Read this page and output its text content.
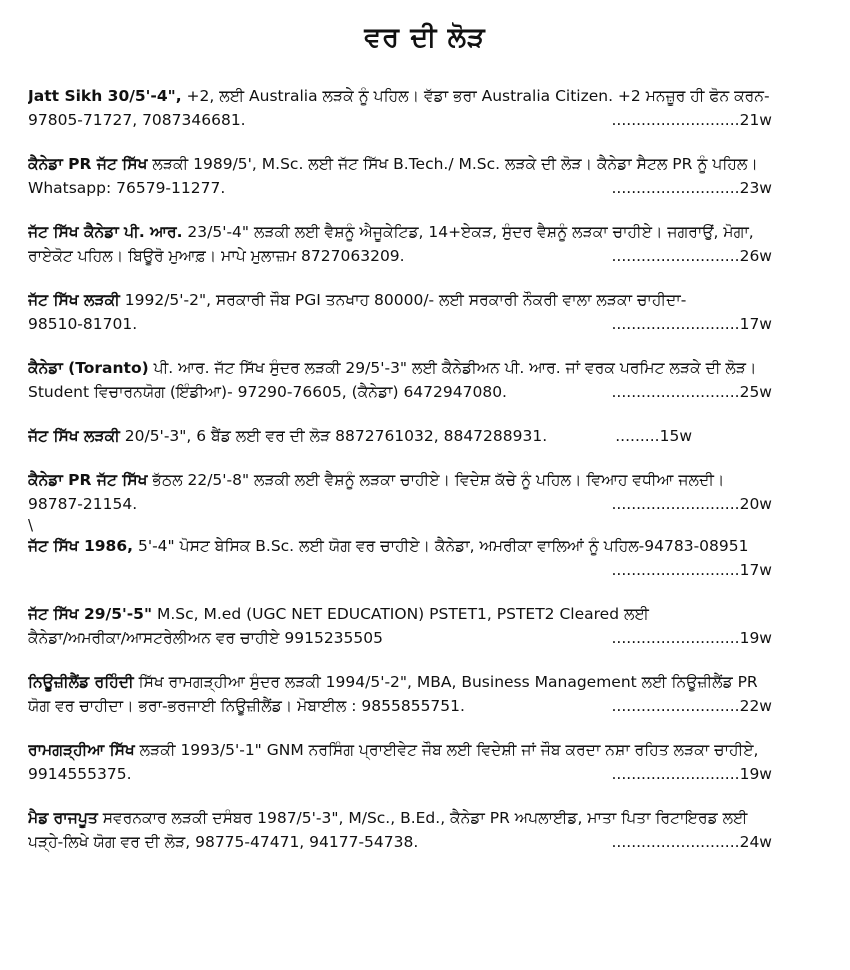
ਵਰ ਦੀ ਲੋੜ
Jatt Sikh 30/5'-4", +2, ਲਈ Australia ਲੜਕੇ ਨੂੰ ਪਹਿਲ। ਵੱਡਾ ਭਰਾ Australia Citizen. +2 ਮਨਜ਼ੂਰ ਹੀ ਫੋਨ ਕਰਨ-
97805-71727, 7087346681.	..........................21w
ਕੈਨੇਡਾ PR ਜੱਟ ਸਿੱਖ ਲੜਕੀ 1989/5', M.Sc. ਲਈ ਜੱਟ ਸਿੱਖ B.Tech./ M.Sc. ਲੜਕੇ ਦੀ ਲੋੜ। ਕੈਨੇਡਾ ਸੈਟਲ PR ਨੂੰ ਪਹਿਲ।
Whatsapp: 76579-11277.	..........................23w
ਜੱਟ ਸਿੱਖ ਕੈਨੇਡਾ ਪੀ. ਆਰ. 23/5'-4" ਲੜਕੀ ਲਈ ਵੈਸ਼ਨੂੰ ਐਜੂਕੇਟਿਡ, 14+ਏਕੜ, ਸੁੰਦਰ ਵੈਸ਼ਨੂੰ ਲੜਕਾ ਚਾਹੀਏ। ਜਗਰਾਉਂ, ਮੋਗਾ,
ਰਾਏਕੋਟ ਪਹਿਲ। ਬਿਊਰੋ ਮੁਆਫ਼। ਮਾਪੇ ਮੁਲਾਜ਼ਮ 8727063209.	..........................26w
ਜੱਟ ਸਿੱਖ ਲੜਕੀ 1992/5'-2", ਸਰਕਾਰੀ ਜੌਬ PGI ਤਨਖਾਹ 80000/- ਲਈ ਸਰਕਾਰੀ ਨੌਕਰੀ ਵਾਲਾ ਲੜਕਾ ਚਾਹੀਦਾ-
98510-81701.	..........................17w
ਕੈਨੇਡਾ (Toranto) ਪੀ. ਆਰ. ਜੱਟ ਸਿੱਖ ਸੁੰਦਰ ਲੜਕੀ 29/5'-3" ਲਈ ਕੈਨੇਡੀਅਨ ਪੀ. ਆਰ. ਜਾਂ ਵਰਕ ਪਰਮਿਟ ਲੜਕੇ ਦੀ ਲੋੜ।
Student ਵਿਚਾਰਨਯੋਗ (ਇੰਡੀਆ)- 97290-76605, (ਕੈਨੇਡਾ) 6472947080.	..........................25w
ਜੱਟ ਸਿੱਖ ਲੜਕੀ 20/5'-3", 6 ਬੈਂਡ ਲਈ ਵਰ ਦੀ ਲੋੜ 8872761032, 8847288931.	.........15w
ਕੈਨੇਡਾ PR ਜੱਟ ਸਿੱਖ ਭੱਠਲ 22/5'-8" ਲੜਕੀ ਲਈ ਵੈਸ਼ਨੂੰ ਲੜਕਾ ਚਾਹੀਏ। ਵਿਦੇਸ਼ ਕੱਚੇ ਨੂੰ ਪਹਿਲ। ਵਿਆਹ ਵਧੀਆ ਜਲਦੀ।
98787-21154.	..........................20w
\
ਜੱਟ ਸਿੱਖ 1986, 5'-4" ਪੋਸਟ ਬੇਸਿਕ B.Sc. ਲਈ ਯੋਗ ਵਰ ਚਾਹੀਏ। ਕੈਨੇਡਾ, ਅਮਰੀਕਾ ਵਾਲਿਆਂ ਨੂੰ ਪਹਿਲ-94783-08951
..........................17w
ਜੱਟ ਸਿੱਖ 29/5'-5" M.Sc, M.ed (UGC NET EDUCATION) PSTET1, PSTET2 Cleared ਲਈ
ਕੈਨੇਡਾ/ਅਮਰੀਕਾ/ਆਸਟਰੇਲੀਅਨ ਵਰ ਚਾਹੀਏ 9915235505	..........................19w
ਨਿਊਜ਼ੀਲੈਂਡ ਰਹਿੰਦੀ ਸਿੱਖ ਰਾਮਗੜ੍ਹੀਆ ਸੁੰਦਰ ਲੜਕੀ 1994/5'-2", MBA, Business Management ਲਈ ਨਿਊਜ਼ੀਲੈਂਡ PR
ਯੋਗ ਵਰ ਚਾਹੀਦਾ। ਭਰਾ-ਭਰਜਾਈ ਨਿਊਜ਼ੀਲੈਂਡ। ਮੋਬਾਈਲ : 9855855751.	..........................22w
ਰਾਮਗੜ੍ਹੀਆ ਸਿੱਖ ਲੜਕੀ 1993/5'-1" GNM ਨਰਸਿੰਗ ਪ੍ਰਾਈਵੇਟ ਜੌਬ ਲਈ ਵਿਦੇਸ਼ੀ ਜਾਂ ਜੌਬ ਕਰਦਾ ਨਸ਼ਾ ਰਹਿਤ ਲੜਕਾ ਚਾਹੀਏ,
9914555375.	..........................19w
ਮੈਡ ਰਾਜਪੂਤ ਸਵਰਨਕਾਰ ਲੜਕੀ ਦਸੰਬਰ 1987/5'-3", M/Sc., B.Ed., ਕੈਨੇਡਾ PR ਅਪਲਾਈਡ, ਮਾਤਾ ਪਿਤਾ ਰਿਟਾਇਰਡ ਲਈ
ਪੜ੍ਹੇ-ਲਿਖੇ ਯੋਗ ਵਰ ਦੀ ਲੋੜ, 98775-47471, 94177-54738.	..........................24w
